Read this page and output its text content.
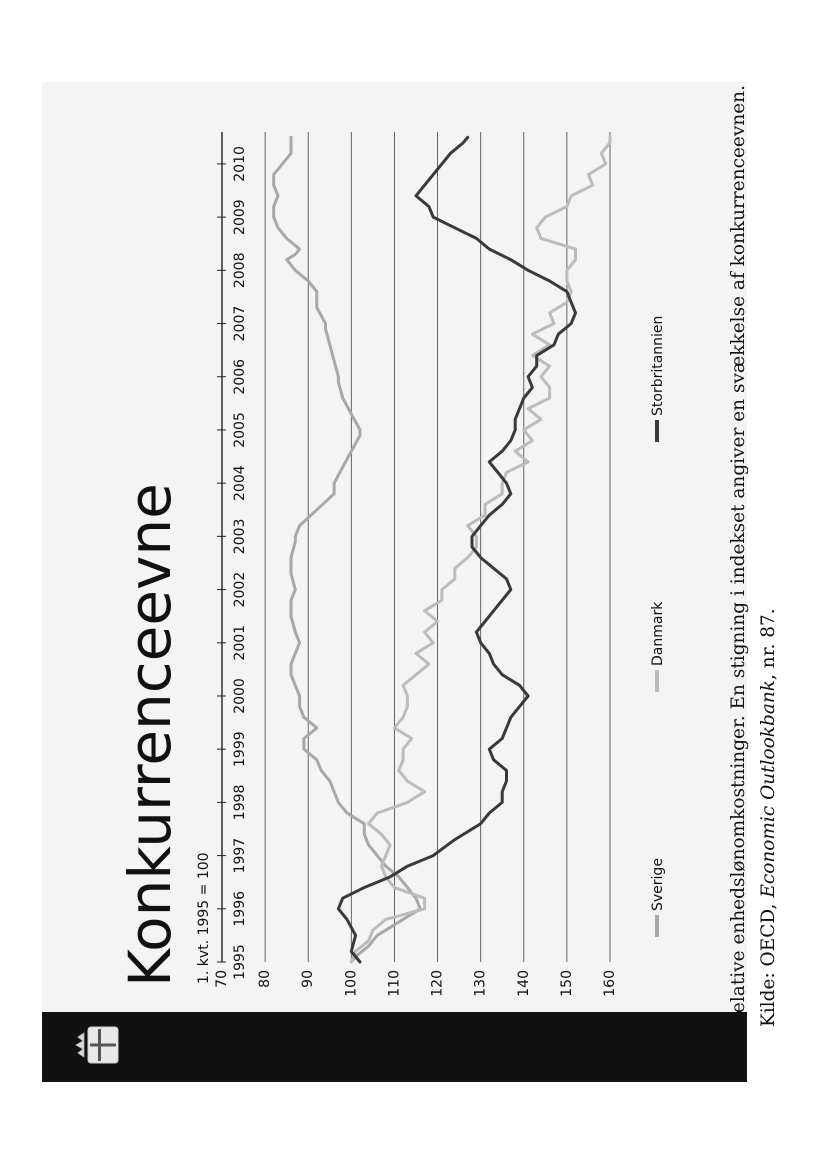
Konkurrenceevne 1. kvt. 1995 = 100 70 80 90 100 110 120 130 140 150 160
1995
1996
1997
1998
1999
2000
2001
2002
2003
2004
2005
2006
2007
2008
2009
2010
Sverige
Danmark
Storbritannien	Relative enhedslønomkostninger. En stigning i indekset angiver en svækkelse af konkurrenceevnen. Kilde: OECD, Economic Outlookbank, nr. 87.
